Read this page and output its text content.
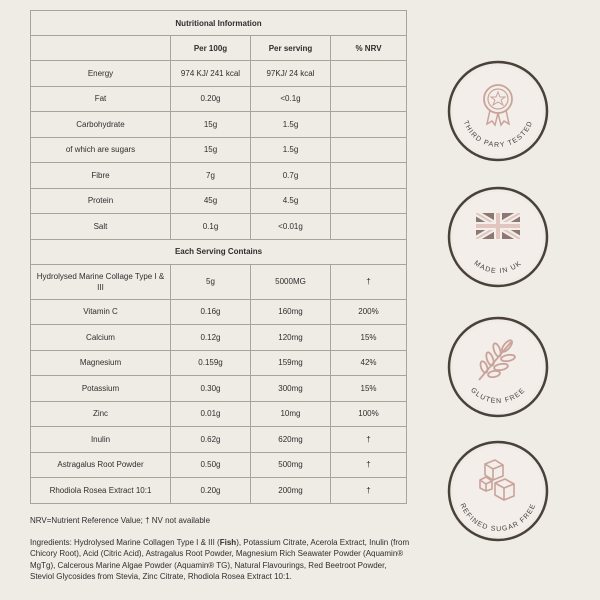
Nutritional Information			
	Per 100g	Per serving	% NRV
Energy	974 KJ/ 241 kcal	97KJ/ 24 kcal	
Fat	0.20g	<0.1g	
Carbohydrate	15g	1.5g	
of which are sugars	15g	1.5g	
Fibre	7g	0.7g	
Protein	45g	4.5g	
Salt	0.1g	<0.01g	
Each Serving Contains			
Hydrolysed Marine Collage Type I & III	5g	5000MG	†
Vitamin C	0.16g	160mg	200%
Calcium	0.12g	120mg	15%
Magnesium	0.159g	159mg	42%
Potassium	0.30g	300mg	15%
Zinc	0.01g	10mg	100%
Inulin	0.62g	620mg	†
Astragalus Root Powder	0.50g	500mg	†
Rhodiola Rosea Extract 10:1	0.20g	200mg	†

NRV=Nutrient Reference Value; † NV not available

Ingredients: Hydrolysed Marine Collagen Type I & III (Fish), Potassium Citrate, Acerola Extract, Inulin (from Chicory Root), Acid (Citric Acid), Astragalus Root Powder, Magnesium Rich Seawater Powder (Aquamin® MgTg), Calcerous Marine Algae Powder (Aquamin® TG), Natural Flavourings, Red Beetroot Powder, Steviol Glycosides from Stevia, Zinc Citrate, Rhodiola Rosea Extract 10:1.

THIRD PARY TESTED
MADE IN UK
GLUTEN FREE
REFINED SUGAR FREE
